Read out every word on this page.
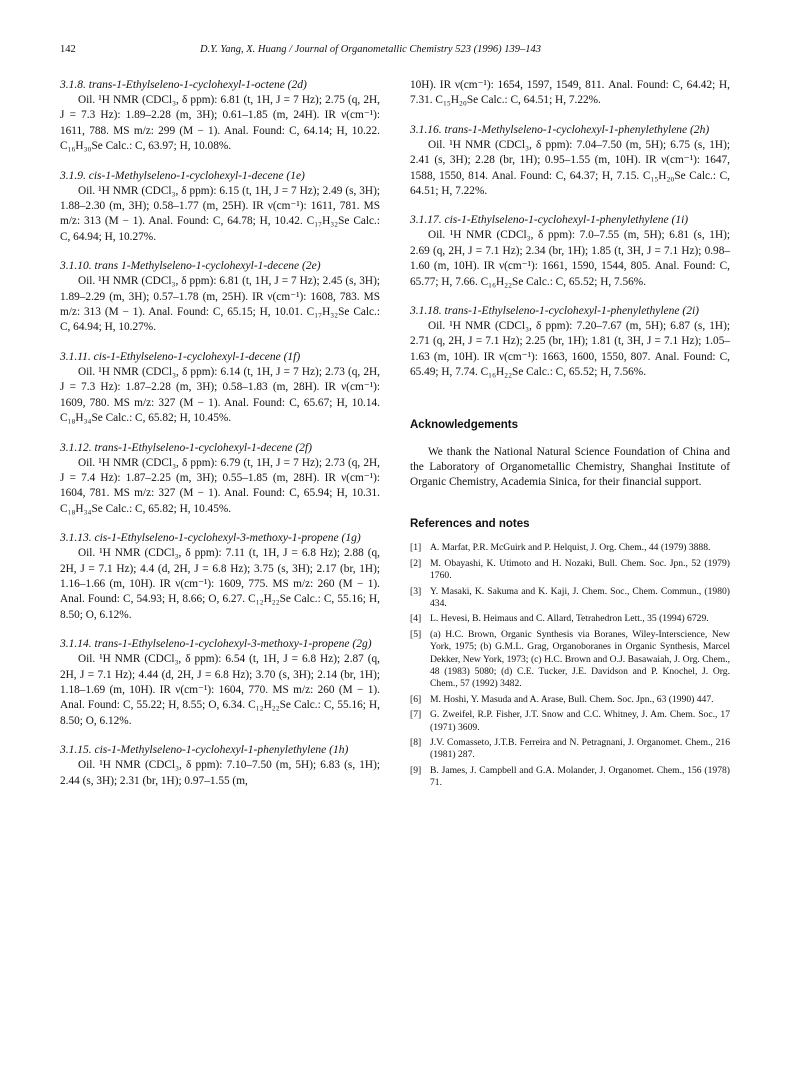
142	D.Y. Yang, X. Huang / Journal of Organometallic Chemistry 523 (1996) 139–143
3.1.8. trans-1-Ethylseleno-1-cyclohexyl-1-octene (2d)
Oil. ¹H NMR (CDCl₃, δ ppm): 6.81 (t, 1H, J = 7 Hz); 2.75 (q, 2H, J = 7.3 Hz): 1.89–2.28 (m, 3H); 0.61–1.85 (m, 24H). IR ν(cm⁻¹): 1611, 788. MS m/z: 299 (M − 1). Anal. Found: C, 64.14; H, 10.22. C₁₆H₃₀Se Calc.: C, 63.97; H, 10.08%.
3.1.9. cis-1-Methylseleno-1-cyclohexyl-1-decene (1e)
Oil. ¹H NMR (CDCl₃, δ ppm): 6.15 (t, 1H, J = 7 Hz); 2.49 (s, 3H); 1.88–2.30 (m, 3H); 0.58–1.77 (m, 25H). IR ν(cm⁻¹): 1611, 781. MS m/z: 313 (M − 1). Anal. Found: C, 64.78; H, 10.42. C₁₇H₃₂Se Calc.: C, 64.94; H, 10.27%.
3.1.10. trans 1-Methylseleno-1-cyclohexyl-1-decene (2e)
Oil. ¹H NMR (CDCl₃, δ ppm): 6.81 (t, 1H, J = 7 Hz); 2.45 (s, 3H); 1.89–2.29 (m, 3H); 0.57–1.78 (m, 25H). IR ν(cm⁻¹): 1608, 783. MS m/z: 313 (M − 1). Anal. Found: C, 65.15; H, 10.01. C₁₇H₃₂Se Calc.: C, 64.94; H, 10.27%.
3.1.11. cis-1-Ethylseleno-1-cyclohexyl-1-decene (1f)
Oil. ¹H NMR (CDCl₃, δ ppm): 6.14 (t, 1H, J = 7 Hz); 2.73 (q, 2H, J = 7.3 Hz): 1.87–2.28 (m, 3H); 0.58–1.83 (m, 28H). IR ν(cm⁻¹): 1609, 780. MS m/z: 327 (M − 1). Anal. Found: C, 65.67; H, 10.14. C₁₈H₃₄Se Calc.: C, 65.82; H, 10.45%.
3.1.12. trans-1-Ethylseleno-1-cyclohexyl-1-decene (2f)
Oil. ¹H NMR (CDCl₃, δ ppm): 6.79 (t, 1H, J = 7 Hz); 2.73 (q, 2H, J = 7.4 Hz): 1.87–2.25 (m, 3H); 0.55–1.85 (m, 28H). IR ν(cm⁻¹): 1604, 781. MS m/z: 327 (M − 1). Anal. Found: C, 65.94; H, 10.31. C₁₈H₃₄Se Calc.: C, 65.82; H, 10.45%.
3.1.13. cis-1-Ethylseleno-1-cyclohexyl-3-methoxy-1-propene (1g)
Oil. ¹H NMR (CDCl₃, δ ppm): 7.11 (t, 1H, J = 6.8 Hz); 2.88 (q, 2H, J = 7.1 Hz); 4.4 (d, 2H, J = 6.8 Hz); 3.75 (s, 3H); 2.17 (br, 1H); 1.16–1.66 (m, 10H). IR ν(cm⁻¹): 1609, 775. MS m/z: 260 (M − 1). Anal. Found: C, 54.93; H, 8.66; O, 6.27. C₁₂H₂₂Se Calc.: C, 55.16; H, 8.50; O, 6.12%.
3.1.14. trans-1-Ethylseleno-1-cyclohexyl-3-methoxy-1-propene (2g)
Oil. ¹H NMR (CDCl₃, δ ppm): 6.54 (t, 1H, J = 6.8 Hz); 2.87 (q, 2H, J = 7.1 Hz); 4.44 (d, 2H, J = 6.8 Hz); 3.70 (s, 3H); 2.14 (br, 1H); 1.18–1.69 (m, 10H). IR ν(cm⁻¹): 1604, 770. MS m/z: 260 (M − 1). Anal. Found: C, 55.22; H, 8.55; O, 6.34. C₁₂H₂₂Se Calc.: C, 55.16; H, 8.50; O, 6.12%.
3.1.15. cis-1-Methylseleno-1-cyclohexyl-1-phenylethylene (1h)
Oil. ¹H NMR (CDCl₃, δ ppm): 7.10–7.50 (m, 5H); 6.83 (s, 1H); 2.44 (s, 3H); 2.31 (br, 1H); 0.97–1.55 (m,
10H). IR ν(cm⁻¹): 1654, 1597, 1549, 811. Anal. Found: C, 64.42; H, 7.31. C₁₅H₂₀Se Calc.: C, 64.51; H, 7.22%.
3.1.16. trans-1-Methylseleno-1-cyclohexyl-1-phenylethylene (2h)
Oil. ¹H NMR (CDCl₃, δ ppm): 7.04–7.50 (m, 5H); 6.75 (s, 1H); 2.41 (s, 3H); 2.28 (br, 1H); 0.95–1.55 (m, 10H). IR ν(cm⁻¹): 1647, 1588, 1550, 814. Anal. Found: C, 64.37; H, 7.15. C₁₅H₂₀Se Calc.: C, 64.51; H, 7.22%.
3.1.17. cis-1-Ethylseleno-1-cyclohexyl-1-phenylethylene (1i)
Oil. ¹H NMR (CDCl₃, δ ppm): 7.0–7.55 (m, 5H); 6.81 (s, 1H); 2.69 (q, 2H, J = 7.1 Hz); 2.34 (br, 1H); 1.85 (t, 3H, J = 7.1 Hz); 0.98–1.60 (m, 10H). IR ν(cm⁻¹): 1661, 1590, 1544, 805. Anal. Found: C, 65.77; H, 7.66. C₁₆H₂₂Se Calc.: C, 65.52; H, 7.56%.
3.1.18. trans-1-Ethylseleno-1-cyclohexyl-1-phenylethylene (2i)
Oil. ¹H NMR (CDCl₃, δ ppm): 7.20–7.67 (m, 5H); 6.87 (s, 1H); 2.71 (q, 2H, J = 7.1 Hz); 2.25 (br, 1H); 1.81 (t, 3H, J = 7.1 Hz); 1.05–1.63 (m, 10H). IR ν(cm⁻¹): 1663, 1600, 1550, 807. Anal. Found: C, 65.49; H, 7.74. C₁₆H₂₂Se Calc.: C, 65.52; H, 7.56%.
Acknowledgements
We thank the National Natural Science Foundation of China and the Laboratory of Organometallic Chemistry, Shanghai Institute of Organic Chemistry, Academia Sinica, for their financial support.
References and notes
[1] A. Marfat, P.R. McGuirk and P. Helquist, J. Org. Chem., 44 (1979) 3888.
[2] M. Obayashi, K. Utimoto and H. Nozaki, Bull. Chem. Soc. Jpn., 52 (1979) 1760.
[3] Y. Masaki, K. Sakuma and K. Kaji, J. Chem. Soc., Chem. Commun., (1980) 434.
[4] L. Hevesi, B. Heimaus and C. Allard, Tetrahedron Lett., 35 (1994) 6729.
[5] (a) H.C. Brown, Organic Synthesis via Boranes, Wiley-Interscience, New York, 1975; (b) G.M.L. Grag, Organoboranes in Organic Synthesis, Marcel Dekker, New York, 1973; (c) H.C. Brown and O.J. Basawaiah, J. Org. Chem., 48 (1983) 5080; (d) C.E. Tucker, J.E. Davidson and P. Knochel, J. Org. Chem., 57 (1992) 3482.
[6] M. Hoshi, Y. Masuda and A. Arase, Bull. Chem. Soc. Jpn., 63 (1990) 447.
[7] G. Zweifel, R.P. Fisher, J.T. Snow and C.C. Whitney, J. Am. Chem. Soc., 17 (1971) 3609.
[8] J.V. Comasseto, J.T.B. Ferreira and N. Petragnani, J. Organomet. Chem., 216 (1981) 287.
[9] B. James, J. Campbell and G.A. Molander, J. Organomet. Chem., 156 (1978) 71.
